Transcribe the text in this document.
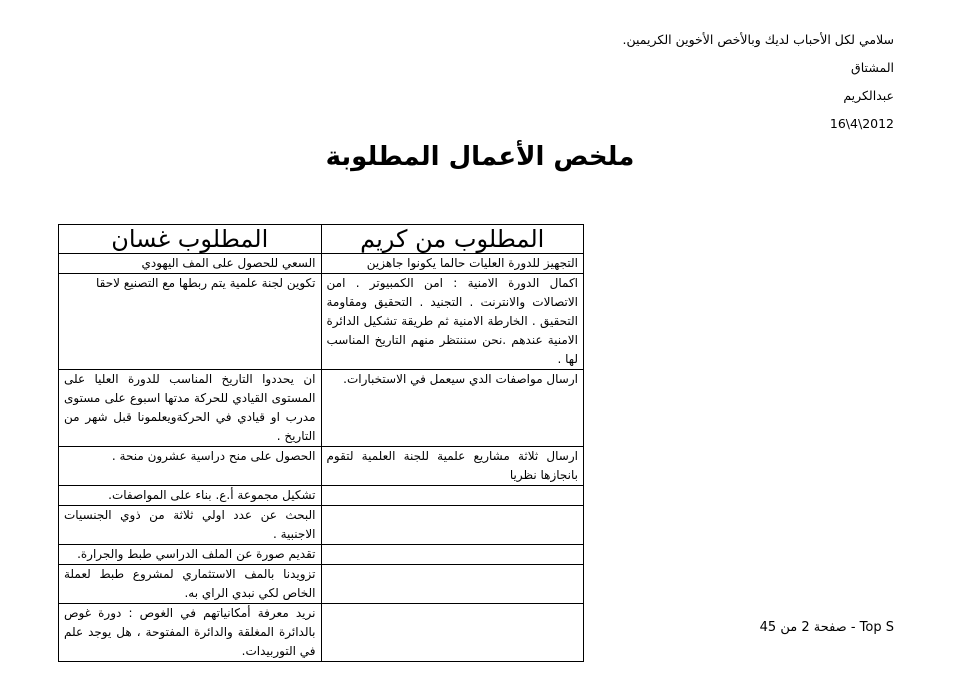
سلامي لكل الأحباب لديك وبالأخص الأخوين الكريمين.
المشتاق
عبدالكريم
2012\4\16
ملخص الأعمال المطلوبة
المطلوب من كريم	المطلوب غسان
التجهيز للدورة العليات حالما يكونوا جاهزين	السعي للحصول على المف اليهودي
اكمال الدورة الامنية : امن الكمبيوتر . امن الاتصالات والانترنت . التجنيد . التحقيق ومقاومة التحقيق . الخارطة الامنية ثم طريقة تشكيل الدائرة الامنية عندهم .نحن سننتظر منهم التاريخ المناسب لها .	تكوين لجنة علمية يتم ربطها مع التصنيع لاحقا
ارسال مواصفات الدي سيعمل في الاستخبارات.	ان يحددوا التاريخ المناسب للدورة العليا على المستوى القيادي للحركة مدتها اسبوع على مستوى مدرب او قيادي في الحركةويعلمونا قبل شهر من التاريخ .
ارسال ثلاثة مشاريع علمية للجنة العلمية لتقوم بانجازها نظريا	الحصول على منح دراسية عشرون منحة .
	تشكيل مجموعة أ.ع. بناء على المواصفات.
	البحث عن عدد اولي ثلاثة من ذوي الجنسيات الاجنبية .
	تقديم صورة عن الملف الدراسي طبط والجرارة.
	تزويدنا بالمف الاستثماري لمشروع طبط لعملة الخاص لكي نبدي الراي به.
	نريد معرفة أمكانياتهم في الغوص : دورة غوص بالدائرة المغلقة والدائرة المفتوحة ، هل يوجد علم في التوربيدات.
Top S - صفحة 2 من 45
